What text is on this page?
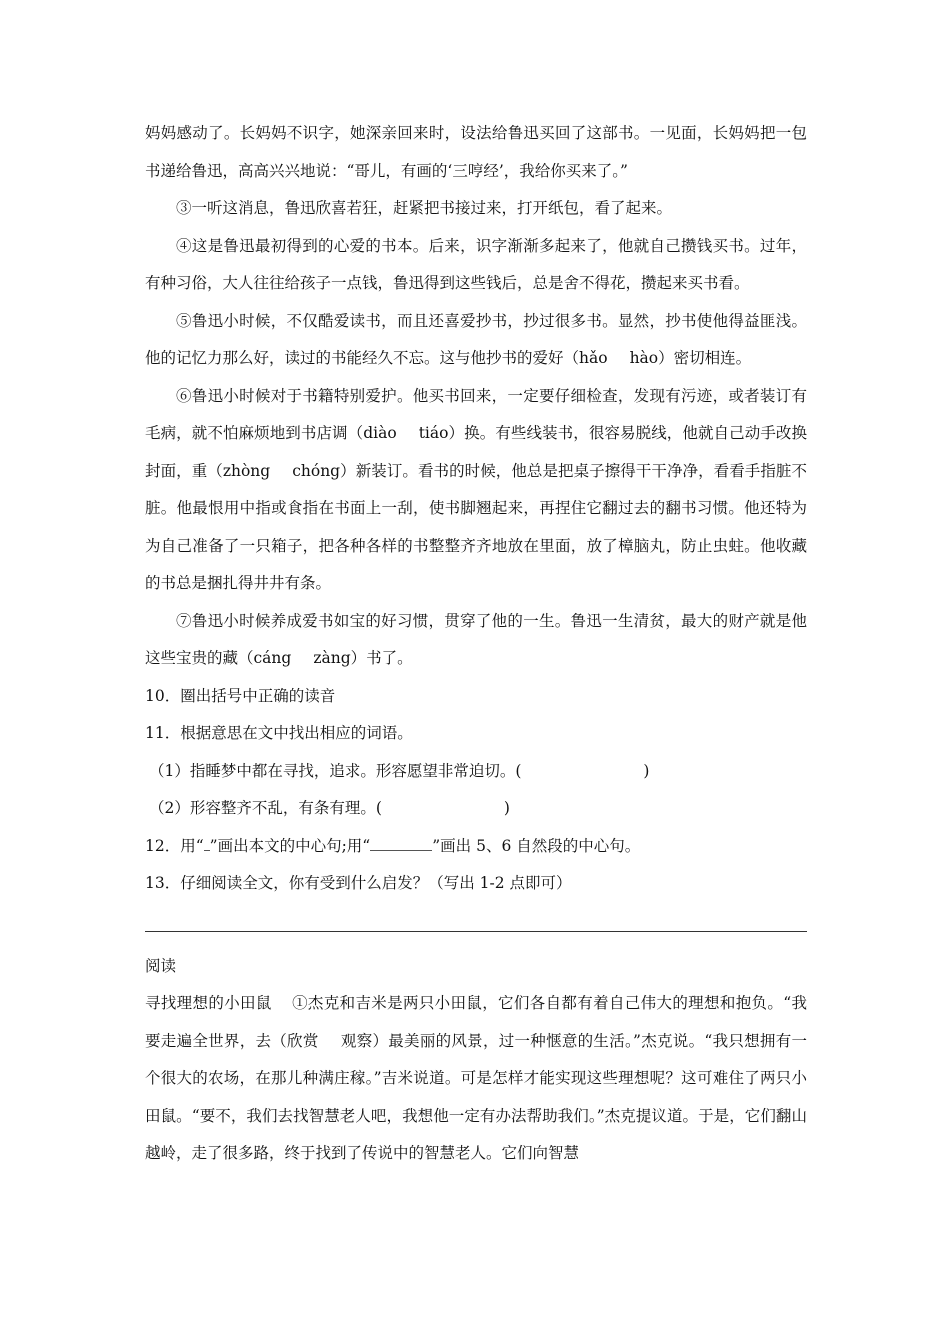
妈妈感动了。长妈妈不识字，她深亲回来时，设法给鲁迅买回了这部书。一见面，长妈妈把一包书递给鲁迅，高高兴兴地说：“哥儿，有画的‘三哼经’，我给你买来了。”

③一听这消息，鲁迅欣喜若狂，赶紧把书接过来，打开纸包，看了起来。

④这是鲁迅最初得到的心爱的书本。后来，识字渐渐多起来了，他就自己攒钱买书。过年，有种习俗，大人往往给孩子一点钱，鲁迅得到这些钱后，总是舍不得花，攒起来买书看。

⑤鲁迅小时候，不仅酷爱读书，而且还喜爱抄书，抄过很多书。显然，抄书使他得益匪浅。他的记忆力那么好，读过的书能经久不忘。这与他抄书的爱好（hǎo hào）密切相连。

⑥鲁迅小时候对于书籍特别爱护。他买书回来，一定要仔细检查，发现有污迹，或者装订有毛病，就不怕麻烦地到书店调（diào tiáo）换。有些线装书，很容易脱线，他就自己动手改换封面，重（zhòng chóng）新装订。看书的时候，他总是把桌子擦得干干净净，看看手指脏不脏。他最恨用中指或食指在书面上一刮，使书脚翘起来，再捏住它翻过去的翻书习惯。他还特为为自己准备了一只箱子，把各种各样的书整整齐齐地放在里面，放了樟脑丸，防止虫蛀。他收藏的书总是捆扎得井井有条。

⑦鲁迅小时候养成爱书如宝的好习惯，贯穿了他的一生。鲁迅一生清贫，最大的财产就是他这些宝贵的藏（cáng zàng）书了。

10．圈出括号中正确的读音

11．根据意思在文中找出相应的词语。

（1）指睡梦中都在寻找，追求。形容愿望非常迫切。(	)

（2）形容整齐不乱，有条有理。(	)

12．用“ ”画出本文的中心句;用“	”画出 5、6 自然段的中心句。

13．仔细阅读全文，你有受到什么启发？（写出 1-2 点即可）

阅读

寻找理想的小田鼠 ①杰克和吉米是两只小田鼠，它们各自都有着自己伟大的理想和抱负。“我要走遍全世界，去（欣赏 观察）最美丽的风景，过一种惬意的生活。”杰克说。“我只想拥有一个很大的农场，在那儿种满庄稼。”吉米说道。可是怎样才能实现这些理想呢？这可难住了两只小田鼠。“要不，我们去找智慧老人吧，我想他一定有办法帮助我们。”杰克提议道。于是，它们翻山越岭，走了很多路，终于找到了传说中的智慧老人。它们向智慧
